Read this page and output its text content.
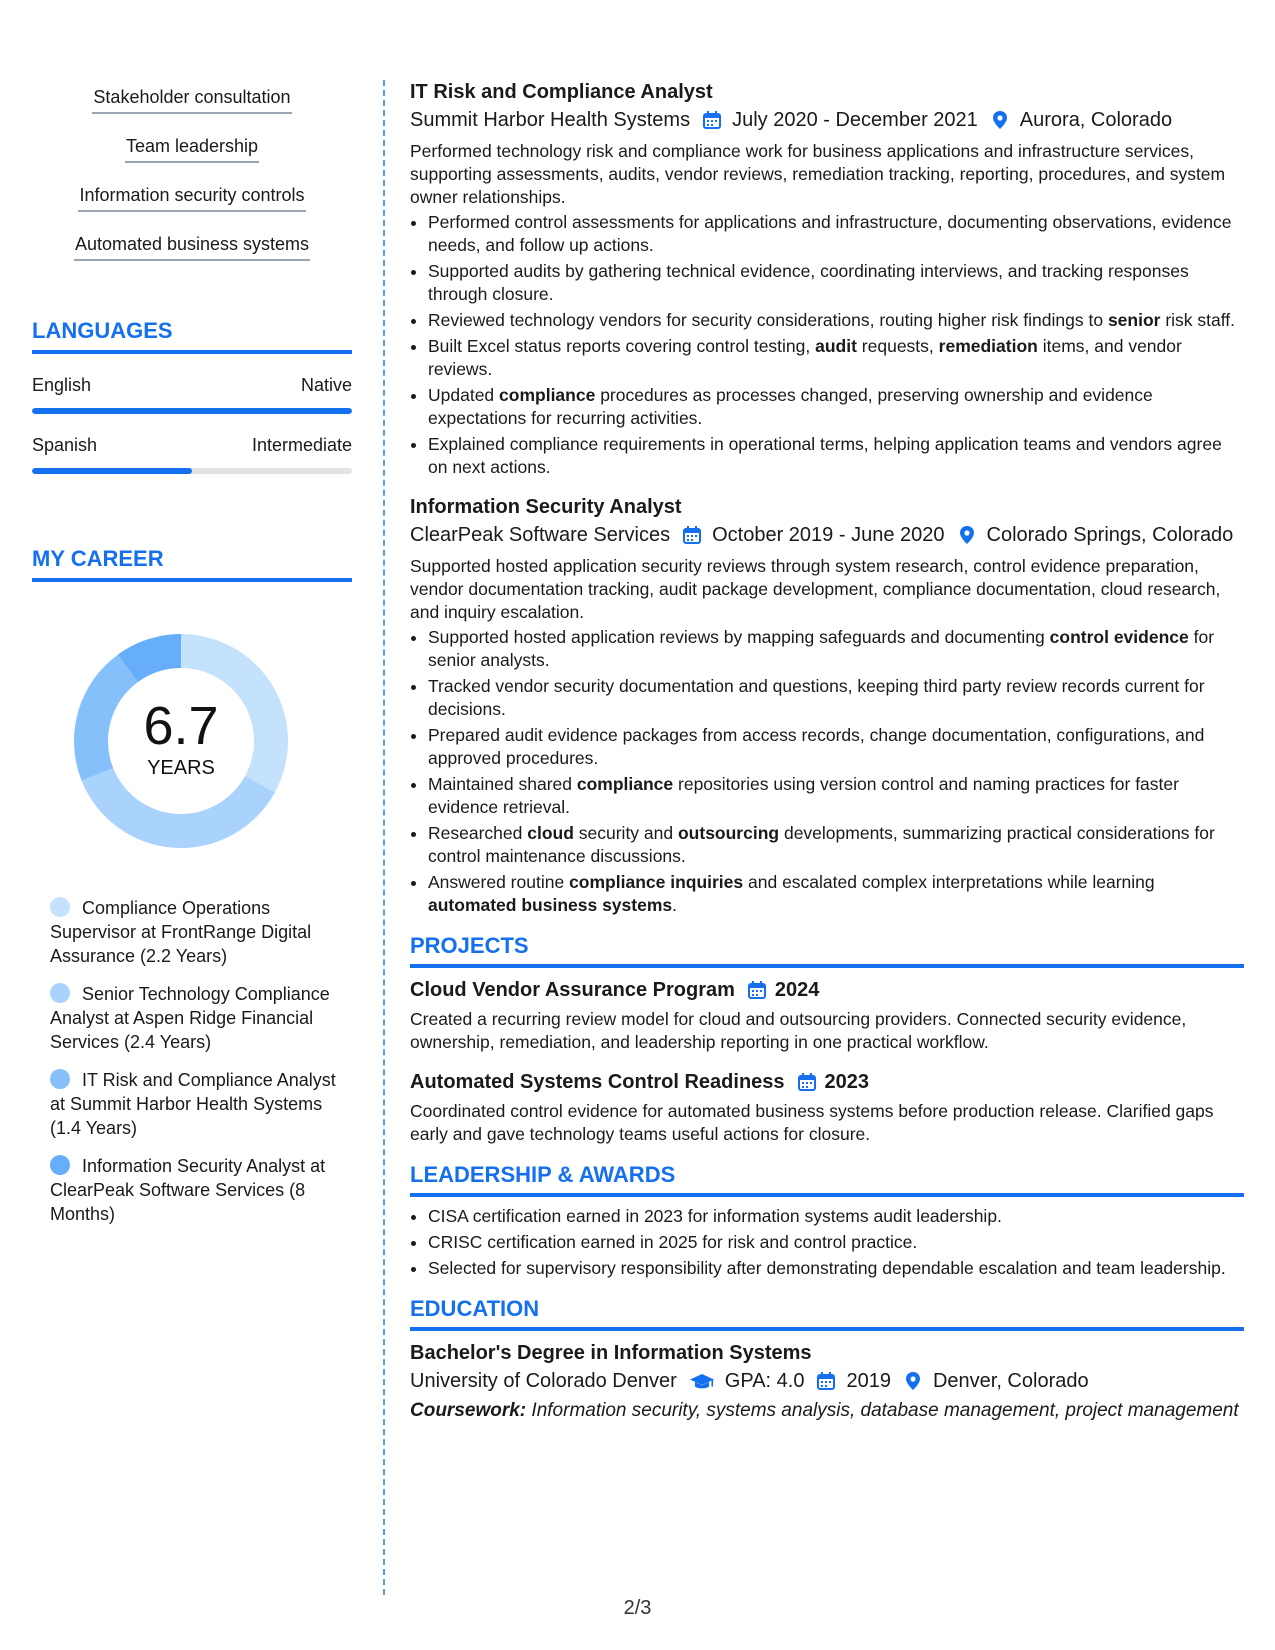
Stakeholder consultation
Team leadership
Information security controls
Automated business systems
LANGUAGES
English	Native
Spanish	Intermediate
MY CAREER
6.7
YEARS
Compliance Operations Supervisor at FrontRange Digital Assurance (2.2 Years)
Senior Technology Compliance Analyst at Aspen Ridge Financial Services (2.4 Years)
IT Risk and Compliance Analyst at Summit Harbor Health Systems (1.4 Years)
Information Security Analyst at ClearPeak Software Services (8 Months)
IT Risk and Compliance Analyst
Summit Harbor Health Systems July 2020 - December 2021 Aurora, Colorado
Performed technology risk and compliance work for business applications and infrastructure services, supporting assessments, audits, vendor reviews, remediation tracking, reporting, procedures, and system owner relationships.
• Performed control assessments for applications and infrastructure, documenting observations, evidence needs, and follow up actions.
• Supported audits by gathering technical evidence, coordinating interviews, and tracking responses through closure.
• Reviewed technology vendors for security considerations, routing higher risk findings to senior risk staff.
• Built Excel status reports covering control testing, audit requests, remediation items, and vendor reviews.
• Updated compliance procedures as processes changed, preserving ownership and evidence expectations for recurring activities.
• Explained compliance requirements in operational terms, helping application teams and vendors agree on next actions.
Information Security Analyst
ClearPeak Software Services October 2019 - June 2020 Colorado Springs, Colorado
Supported hosted application security reviews through system research, control evidence preparation, vendor documentation tracking, audit package development, compliance documentation, cloud research, and inquiry escalation.
• Supported hosted application reviews by mapping safeguards and documenting control evidence for senior analysts.
• Tracked vendor security documentation and questions, keeping third party review records current for decisions.
• Prepared audit evidence packages from access records, change documentation, configurations, and approved procedures.
• Maintained shared compliance repositories using version control and naming practices for faster evidence retrieval.
• Researched cloud security and outsourcing developments, summarizing practical considerations for control maintenance discussions.
• Answered routine compliance inquiries and escalated complex interpretations while learning automated business systems.
PROJECTS
Cloud Vendor Assurance Program 2024
Created a recurring review model for cloud and outsourcing providers. Connected security evidence, ownership, remediation, and leadership reporting in one practical workflow.
Automated Systems Control Readiness 2023
Coordinated control evidence for automated business systems before production release. Clarified gaps early and gave technology teams useful actions for closure.
LEADERSHIP & AWARDS
• CISA certification earned in 2023 for information systems audit leadership.
• CRISC certification earned in 2025 for risk and control practice.
• Selected for supervisory responsibility after demonstrating dependable escalation and team leadership.
EDUCATION
Bachelor's Degree in Information Systems
University of Colorado Denver GPA: 4.0 2019 Denver, Colorado
Coursework: Information security, systems analysis, database management, project management
2/3
